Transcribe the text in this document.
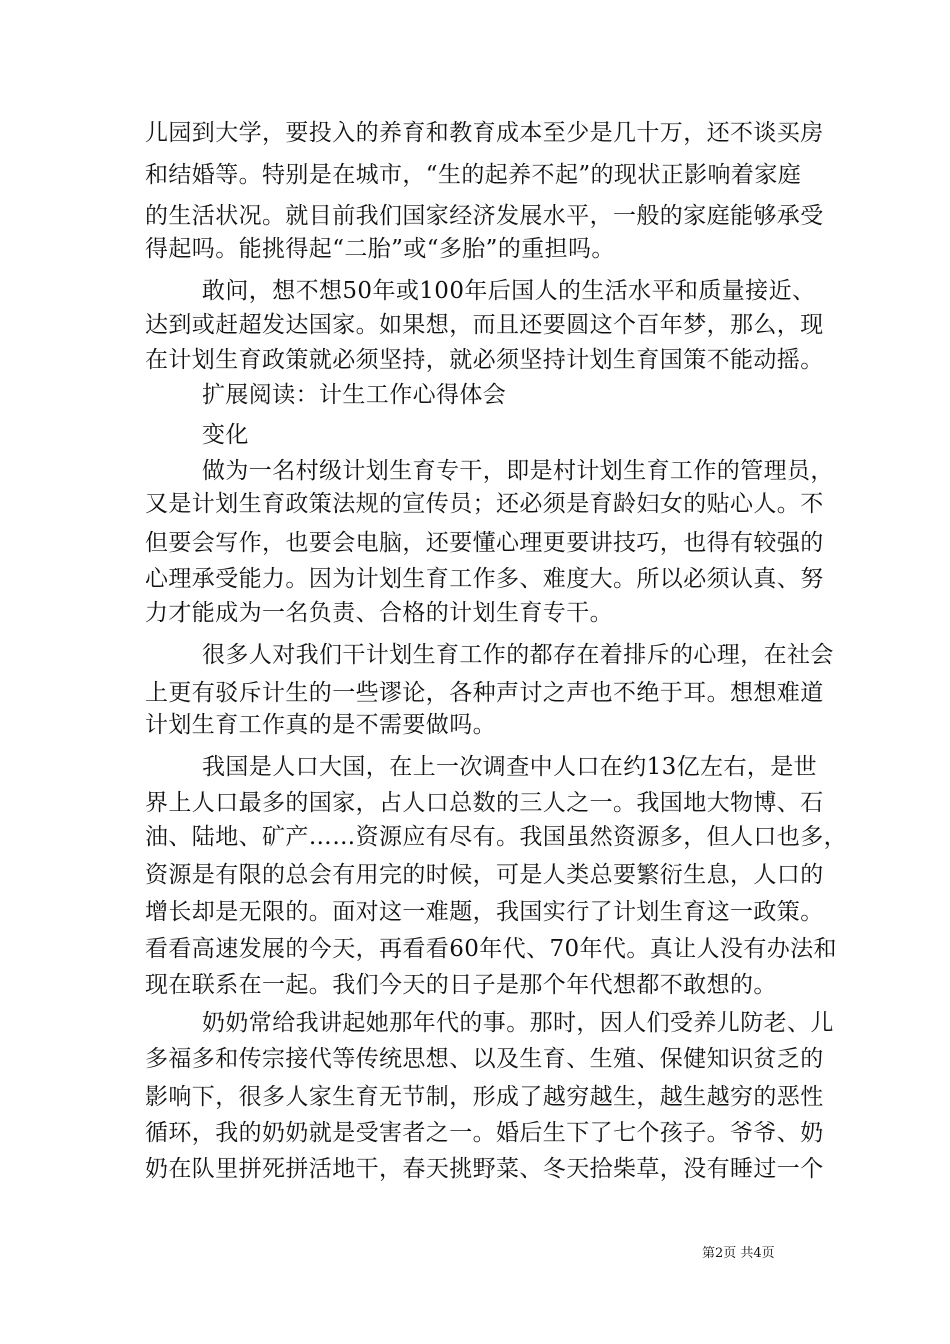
儿园到大学，要投入的养育和教育成本至少是几十万，还不谈买房
和结婚等。特别是在城市，“生的起养不起”的现状正影响着家庭
的生活状况。就目前我们国家经济发展水平，一般的家庭能够承受
得起吗。能挑得起“二胎”或“多胎”的重担吗。
敢问，想不想50年或100年后国人的生活水平和质量接近、
达到或赶超发达国家。如果想，而且还要圆这个百年梦，那么，现
在计划生育政策就必须坚持，就必须坚持计划生育国策不能动摇。
扩展阅读：计生工作心得体会
变化
做为一名村级计划生育专干，即是村计划生育工作的管理员，
又是计划生育政策法规的宣传员；还必须是育龄妇女的贴心人。不
但要会写作，也要会电脑，还要懂心理更要讲技巧，也得有较强的
心理承受能力。因为计划生育工作多、难度大。所以必须认真、努
力才能成为一名负责、合格的计划生育专干。
很多人对我们干计划生育工作的都存在着排斥的心理，在社会
上更有驳斥计生的一些谬论，各种声讨之声也不绝于耳。想想难道
计划生育工作真的是不需要做吗。
我国是人口大国，在上一次调查中人口在约13亿左右，是世
界上人口最多的国家，占人口总数的三人之一。我国地大物博、石
油、陆地、矿产……资源应有尽有。我国虽然资源多，但人口也多，
资源是有限的总会有用完的时候，可是人类总要繁衍生息，人口的
增长却是无限的。面对这一难题，我国实行了计划生育这一政策。
看看高速发展的今天，再看看60年代、70年代。真让人没有办法和
现在联系在一起。我们今天的日子是那个年代想都不敢想的。
奶奶常给我讲起她那年代的事。那时，因人们受养儿防老、儿
多福多和传宗接代等传统思想、以及生育、生殖、保健知识贫乏的
影响下，很多人家生育无节制，形成了越穷越生，越生越穷的恶性
循环，我的奶奶就是受害者之一。婚后生下了七个孩子。爷爷、奶
奶在队里拼死拼活地干，春天挑野菜、冬天拾柴草，没有睡过一个
第2页 共4页
